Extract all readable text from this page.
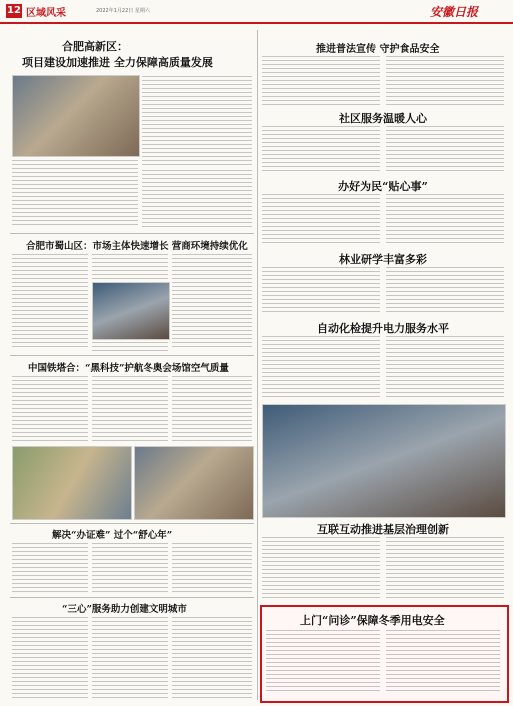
12 区域风采	2022年1月22日 星期六	安徽日报
合肥高新区：
项目建设加速推进 全力保障高质量发展
合肥市蜀山区：市场主体快速增长 营商环境持续优化
中国铁塔合：“黑科技”护航冬奥会场馆空气质量
解决“办证难” 过个“舒心年”
“三心”服务助力创建文明城市
推进普法宣传 守护食品安全
社区服务温暖人心
办好为民“贴心事”
林业研学丰富多彩
自动化检提升电力服务水平
互联互动推进基层治理创新
上门“问诊”保障冬季用电安全
